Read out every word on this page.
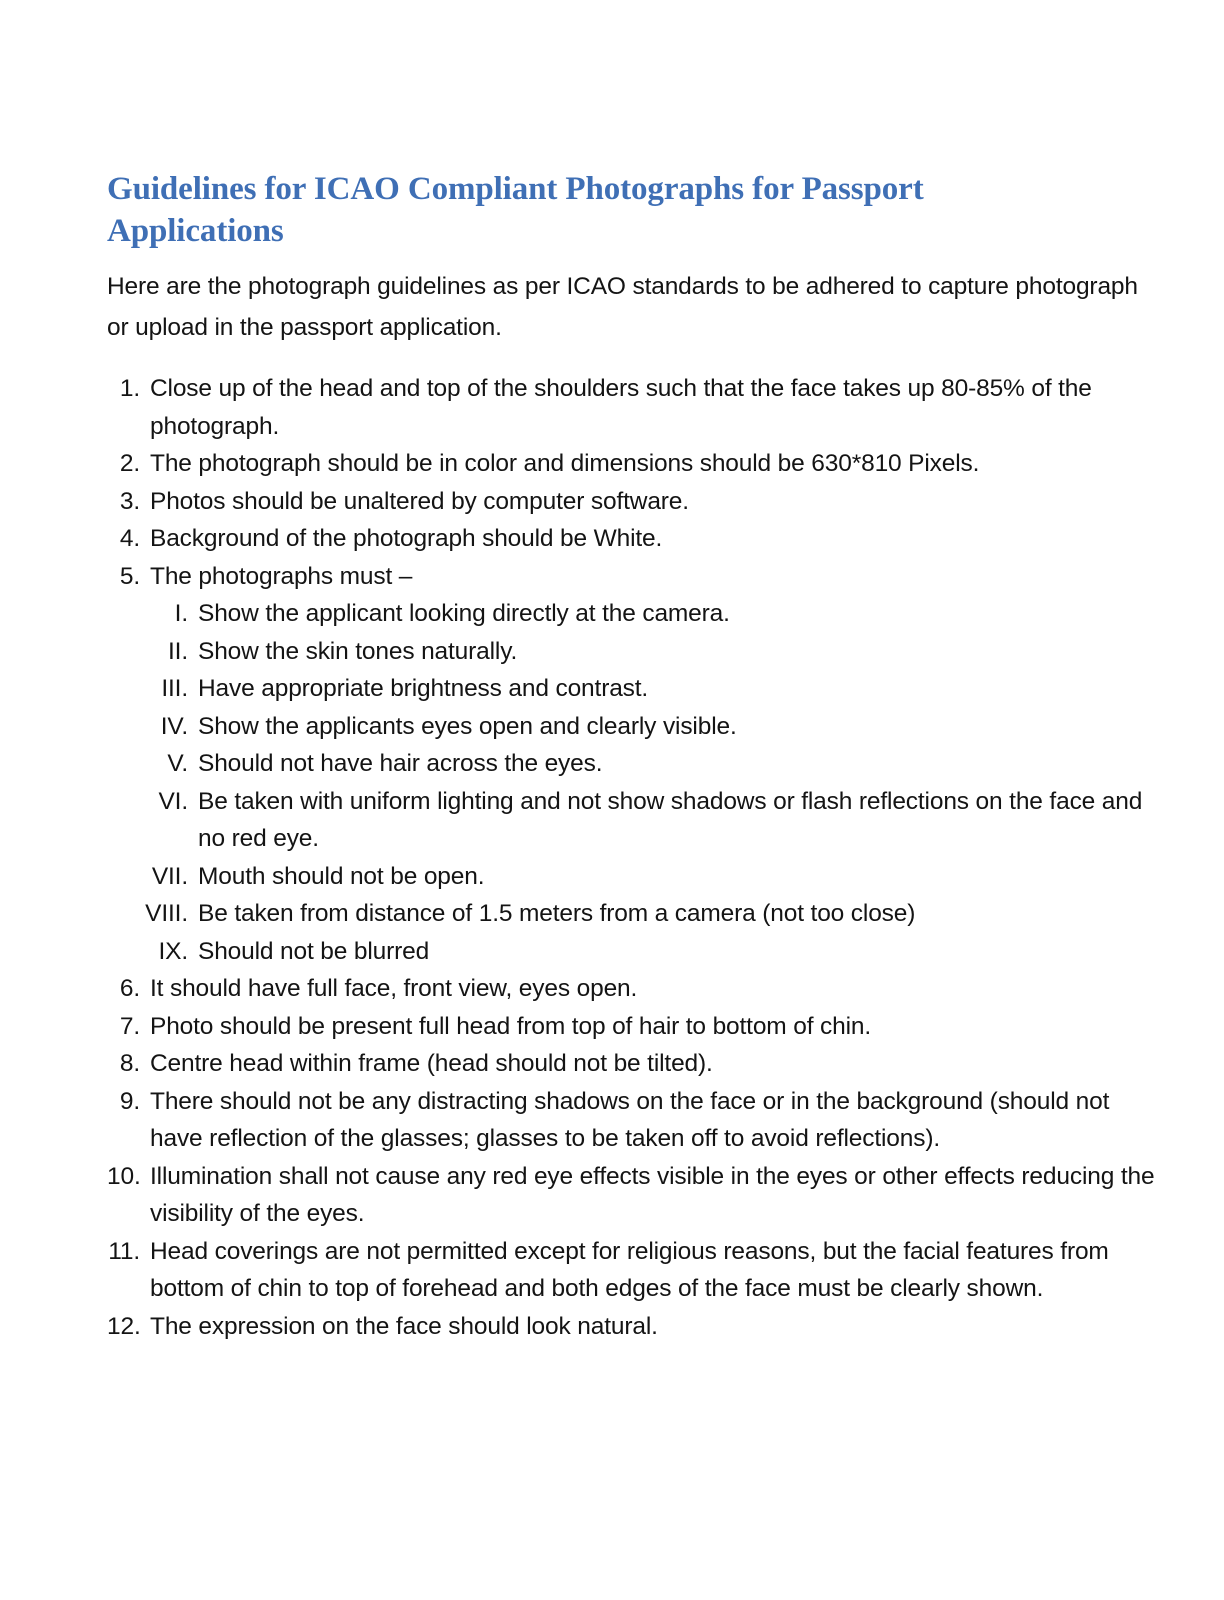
Guidelines for ICAO Compliant Photographs for Passport Applications

Here are the photograph guidelines as per ICAO standards to be adhered to capture photograph or upload in the passport application.

1. Close up of the head and top of the shoulders such that the face takes up 80-85% of the photograph.
2. The photograph should be in color and dimensions should be 630*810 Pixels.
3. Photos should be unaltered by computer software.
4. Background of the photograph should be White.
5. The photographs must –
I. Show the applicant looking directly at the camera.
II. Show the skin tones naturally.
III. Have appropriate brightness and contrast.
IV. Show the applicants eyes open and clearly visible.
V. Should not have hair across the eyes.
VI. Be taken with uniform lighting and not show shadows or flash reflections on the face and no red eye.
VII. Mouth should not be open.
VIII. Be taken from distance of 1.5 meters from a camera (not too close)
IX. Should not be blurred
6. It should have full face, front view, eyes open.
7. Photo should be present full head from top of hair to bottom of chin.
8. Centre head within frame (head should not be tilted).
9. There should not be any distracting shadows on the face or in the background (should not have reflection of the glasses; glasses to be taken off to avoid reflections).
10. Illumination shall not cause any red eye effects visible in the eyes or other effects reducing the visibility of the eyes.
11. Head coverings are not permitted except for religious reasons, but the facial features from bottom of chin to top of forehead and both edges of the face must be clearly shown.
12. The expression on the face should look natural.
